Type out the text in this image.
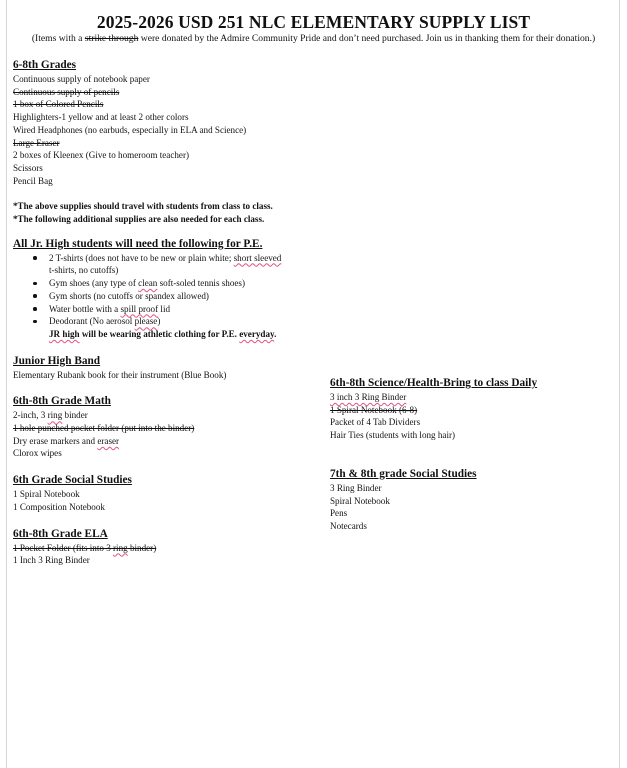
2025-2026 USD 251 NLC ELEMENTARY SUPPLY LIST
(Items with a strike through were donated by the Admire Community Pride and don’t need purchased. Join us in thanking them for their donation.)
6-8th Grades
Continuous supply of notebook paper
Continuous supply of pencils
1 box of Colored Pencils
Highlighters-1 yellow and at least 2 other colors
Wired Headphones (no earbuds, especially in ELA and Science)
Large Eraser
2 boxes of Kleenex (Give to homeroom teacher)
Scissors
Pencil Bag
*The above supplies should travel with students from class to class.
*The following additional supplies are also needed for each class.
All Jr. High students will need the following for P.E.
2 T-shirts (does not have to be new or plain white; short sleeved
t-shirts, no cutoffs)
Gym shoes (any type of clean soft-soled tennis shoes)
Gym shorts (no cutoffs or spandex allowed)
Water bottle with a spill proof lid
Deodorant (No aerosol please)
JR high will be wearing athletic clothing for P.E. everyday.
Junior High Band
Elementary Rubank book for their instrument (Blue Book)
6th-8th Grade Math
2-inch, 3 ring binder
1 hole punched pocket folder (put into the binder)
Dry erase markers and eraser
Clorox wipes
6th Grade Social Studies
1 Spiral Notebook
1 Composition Notebook
6th-8th Grade ELA
1 Pocket Folder (fits into 3 ring binder)
1 Inch 3 Ring Binder
6th-8th Science/Health-Bring to class Daily
3 inch 3 Ring Binder
1 Spiral Notebook (6-8)
Packet of 4 Tab Dividers
Hair Ties (students with long hair)
7th & 8th grade Social Studies
3 Ring Binder
Spiral Notebook
Pens
Notecards
